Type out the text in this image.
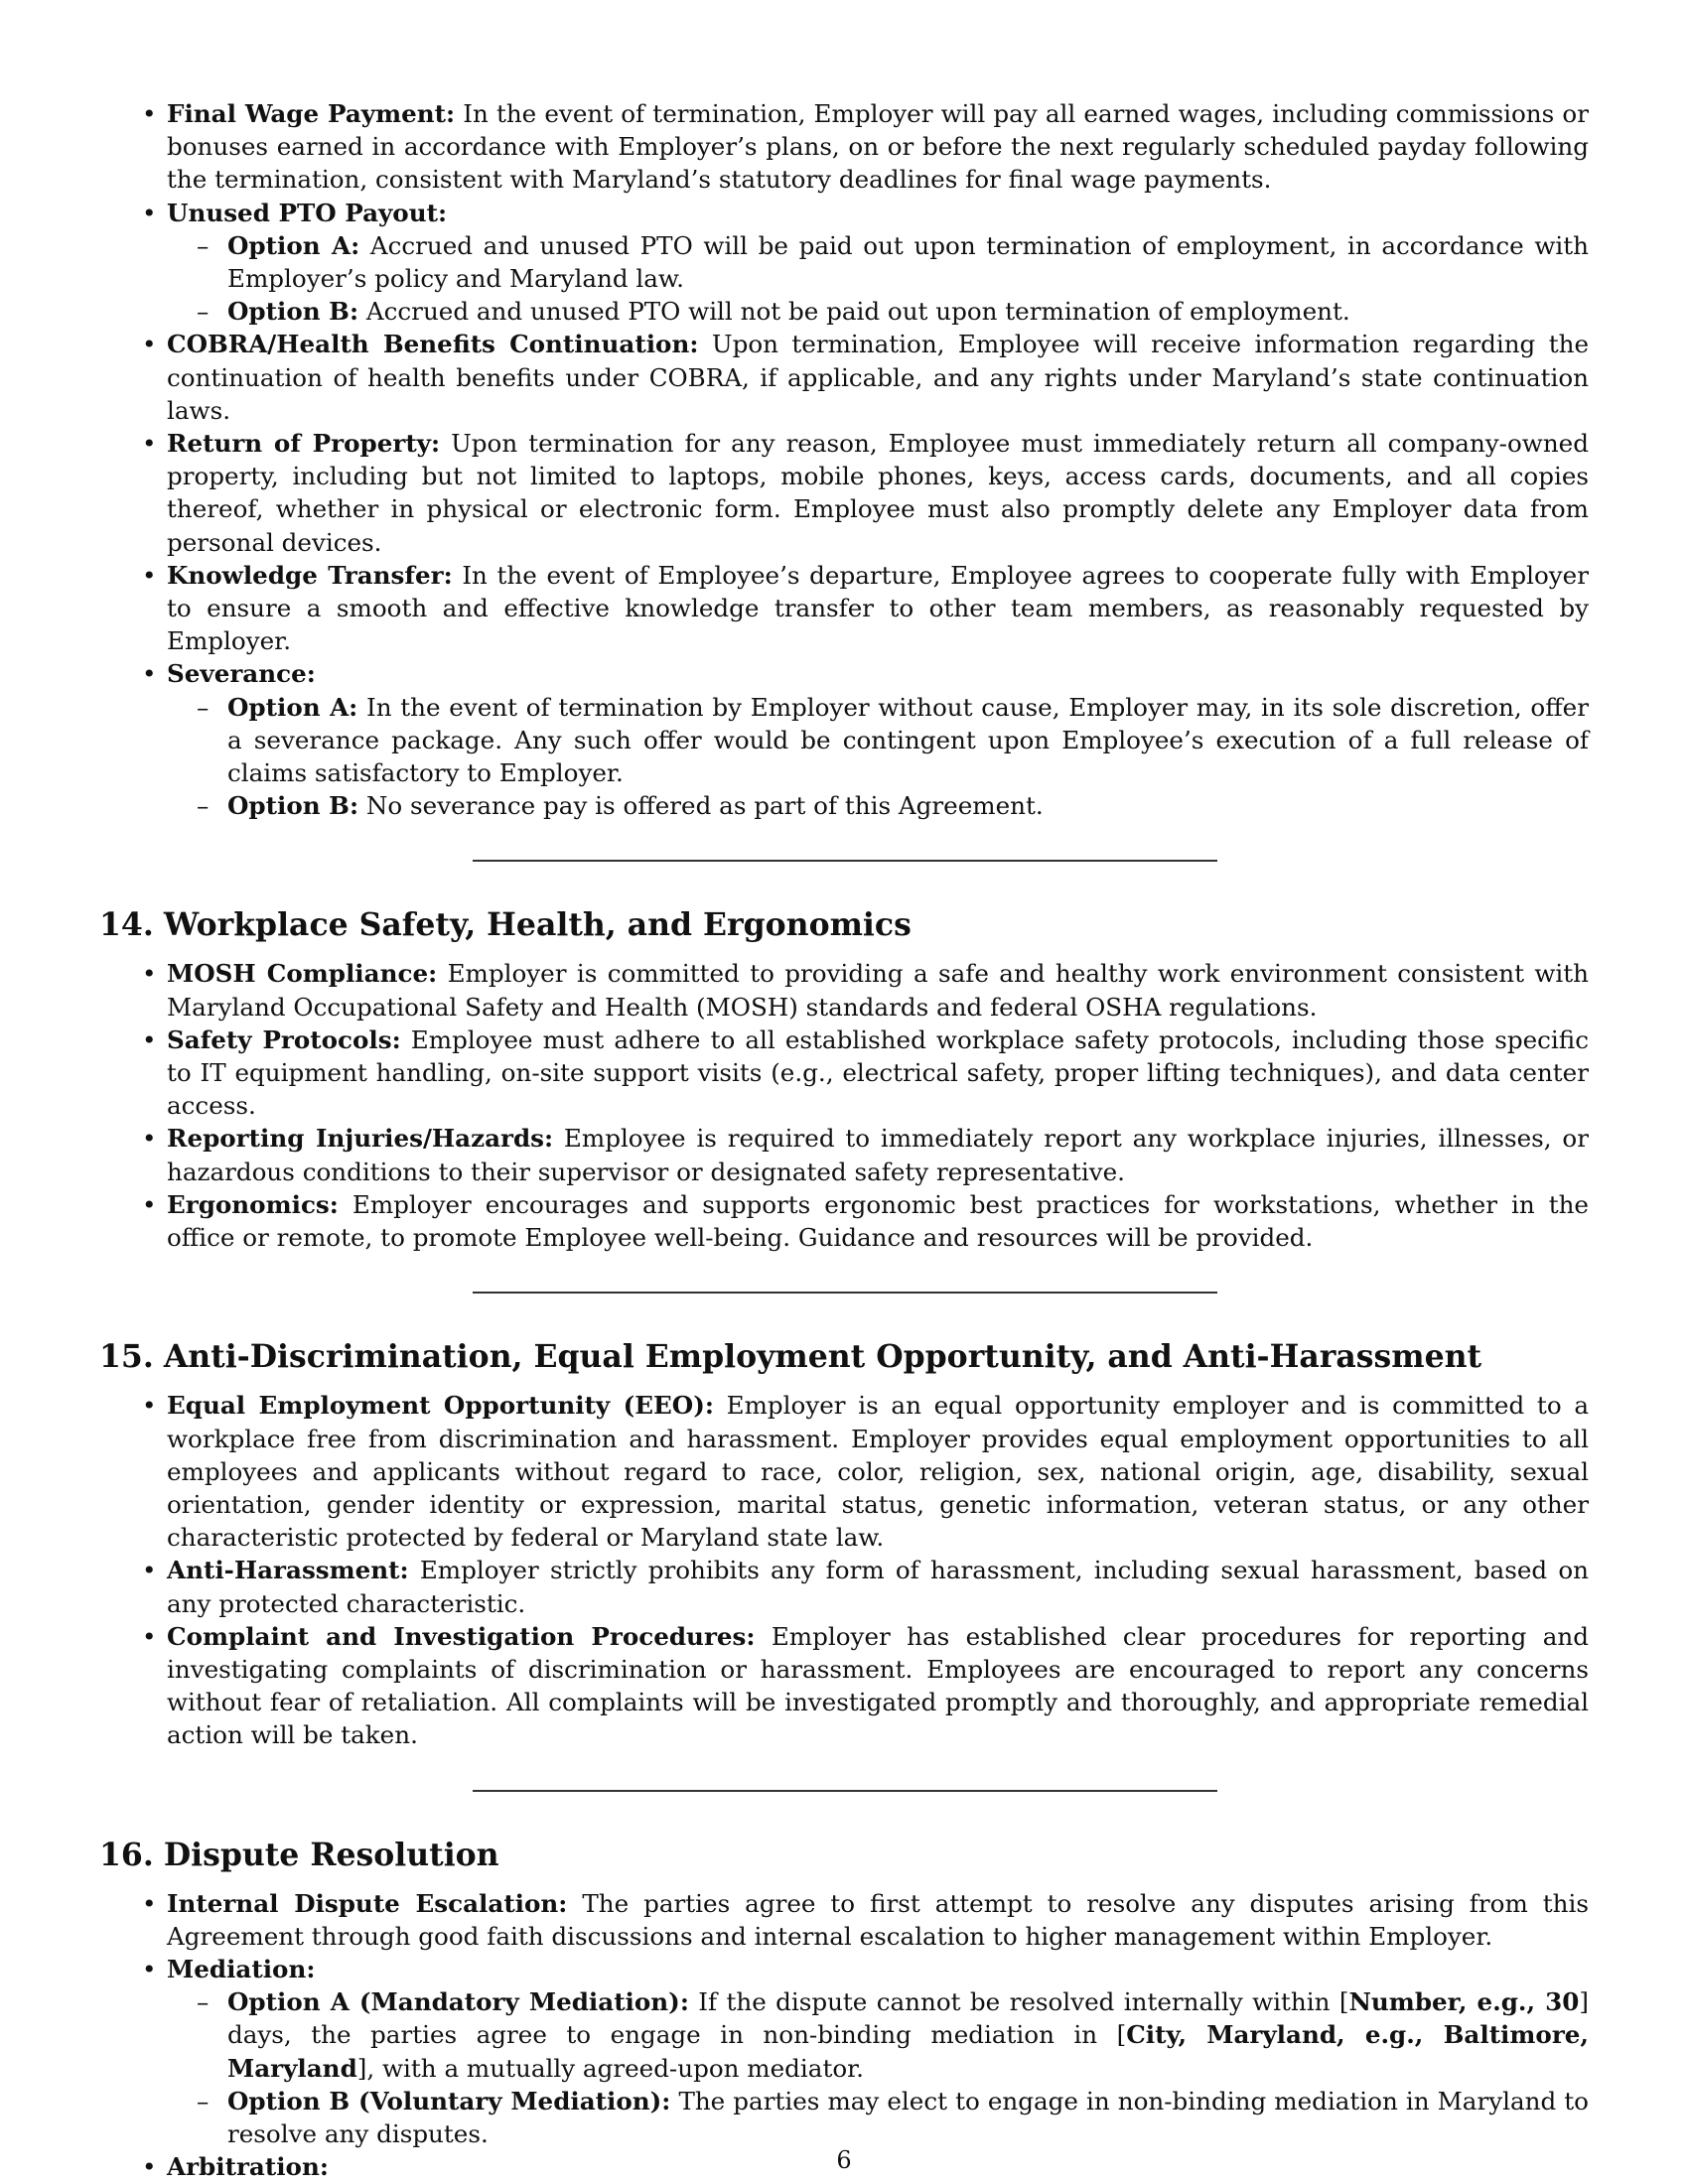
• Final Wage Payment: In the event of termination, Employer will pay all earned wages, including commissions or bonuses earned in accordance with Employer’s plans, on or before the next regularly scheduled payday following the termination, consistent with Maryland’s statutory deadlines for final wage payments.
• Unused PTO Payout:
– Option A: Accrued and unused PTO will be paid out upon termination of employment, in accordance with Employer’s policy and Maryland law.
– Option B: Accrued and unused PTO will not be paid out upon termination of employment.
• COBRA/Health Benefits Continuation: Upon termination, Employee will receive information regarding the continuation of health benefits under COBRA, if applicable, and any rights under Maryland’s state continuation laws.
• Return of Property: Upon termination for any reason, Employee must immediately return all company-owned property, including but not limited to laptops, mobile phones, keys, access cards, documents, and all copies thereof, whether in physical or electronic form. Employee must also promptly delete any Employer data from personal devices.
• Knowledge Transfer: In the event of Employee’s departure, Employee agrees to cooperate fully with Employer to ensure a smooth and effective knowledge transfer to other team members, as reasonably requested by Employer.
• Severance:
– Option A: In the event of termination by Employer without cause, Employer may, in its sole discretion, offer a severance package. Any such offer would be contingent upon Employee’s execution of a full release of claims satisfactory to Employer.
– Option B: No severance pay is offered as part of this Agreement.
14. Workplace Safety, Health, and Ergonomics
• MOSH Compliance: Employer is committed to providing a safe and healthy work environment consistent with Maryland Occupational Safety and Health (MOSH) standards and federal OSHA regulations.
• Safety Protocols: Employee must adhere to all established workplace safety protocols, including those specific to IT equipment handling, on-site support visits (e.g., electrical safety, proper lifting techniques), and data center access.
• Reporting Injuries/Hazards: Employee is required to immediately report any workplace injuries, illnesses, or hazardous conditions to their supervisor or designated safety representative.
• Ergonomics: Employer encourages and supports ergonomic best practices for workstations, whether in the office or remote, to promote Employee well-being. Guidance and resources will be provided.
15. Anti-Discrimination, Equal Employment Opportunity, and Anti-Harassment
• Equal Employment Opportunity (EEO): Employer is an equal opportunity employer and is committed to a workplace free from discrimination and harassment. Employer provides equal employment opportunities to all employees and applicants without regard to race, color, religion, sex, national origin, age, disability, sexual orientation, gender identity or expression, marital status, genetic information, veteran status, or any other characteristic protected by federal or Maryland state law.
• Anti-Harassment: Employer strictly prohibits any form of harassment, including sexual harassment, based on any protected characteristic.
• Complaint and Investigation Procedures: Employer has established clear procedures for reporting and investigating complaints of discrimination or harassment. Employees are encouraged to report any concerns without fear of retaliation. All complaints will be investigated promptly and thoroughly, and appropriate remedial action will be taken.
16. Dispute Resolution
• Internal Dispute Escalation: The parties agree to first attempt to resolve any disputes arising from this Agreement through good faith discussions and internal escalation to higher management within Employer.
• Mediation:
– Option A (Mandatory Mediation): If the dispute cannot be resolved internally within [Number, e.g., 30] days, the parties agree to engage in non-binding mediation in [City, Maryland, e.g., Baltimore, Maryland], with a mutually agreed-upon mediator.
– Option B (Voluntary Mediation): The parties may elect to engage in non-binding mediation in Maryland to resolve any disputes.
• Arbitration:	6
